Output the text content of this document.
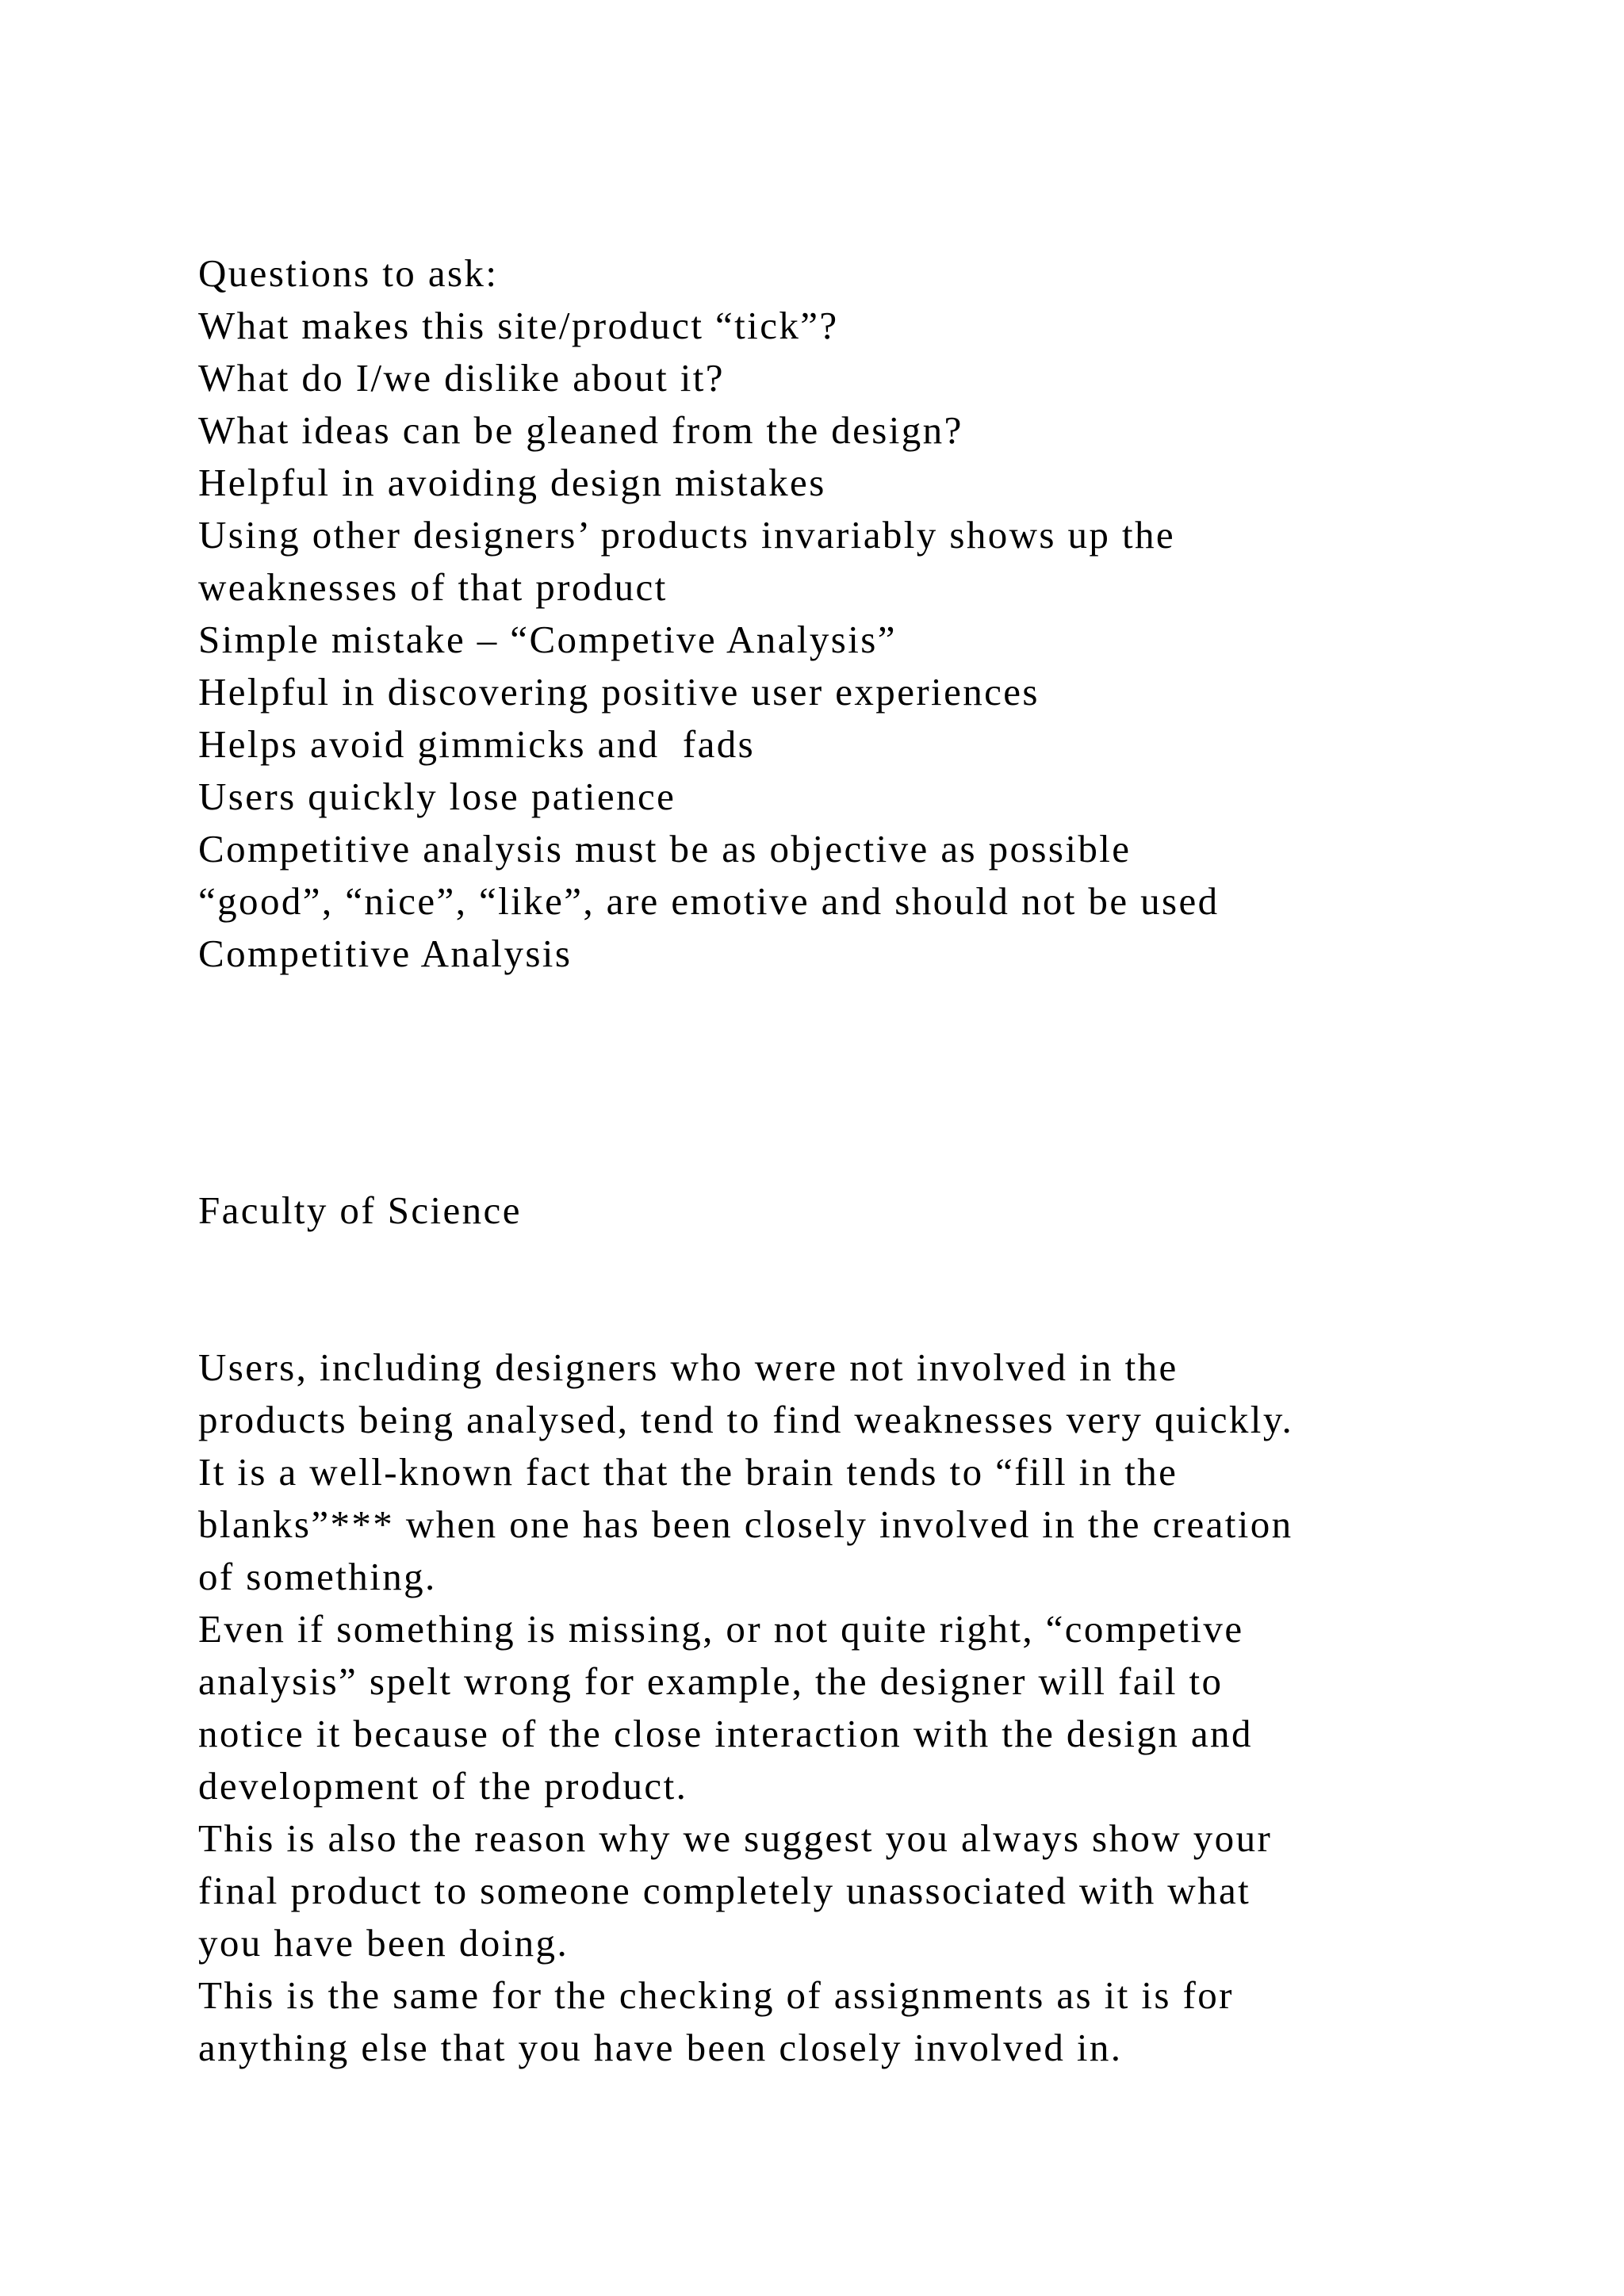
Questions to ask:
What makes this site/product “tick”?
What do I/we dislike about it?
What ideas can be gleaned from the design?
Helpful in avoiding design mistakes
Using other designers’ products invariably shows up the
weaknesses of that product
Simple mistake – “Competive Analysis”
Helpful in discovering positive user experiences
Helps avoid gimmicks and  fads
Users quickly lose patience
Competitive analysis must be as objective as possible
“good”, “nice”, “like”, are emotive and should not be used
Competitive Analysis
Faculty of Science
Users, including designers who were not involved in the
products being analysed, tend to find weaknesses very quickly.
It is a well-known fact that the brain tends to “fill in the
blanks”*** when one has been closely involved in the creation
of something.
Even if something is missing, or not quite right, “competive
analysis” spelt wrong for example, the designer will fail to
notice it because of the close interaction with the design and
development of the product.
This is also the reason why we suggest you always show your
final product to someone completely unassociated with what
you have been doing.
This is the same for the checking of assignments as it is for
anything else that you have been closely involved in.
